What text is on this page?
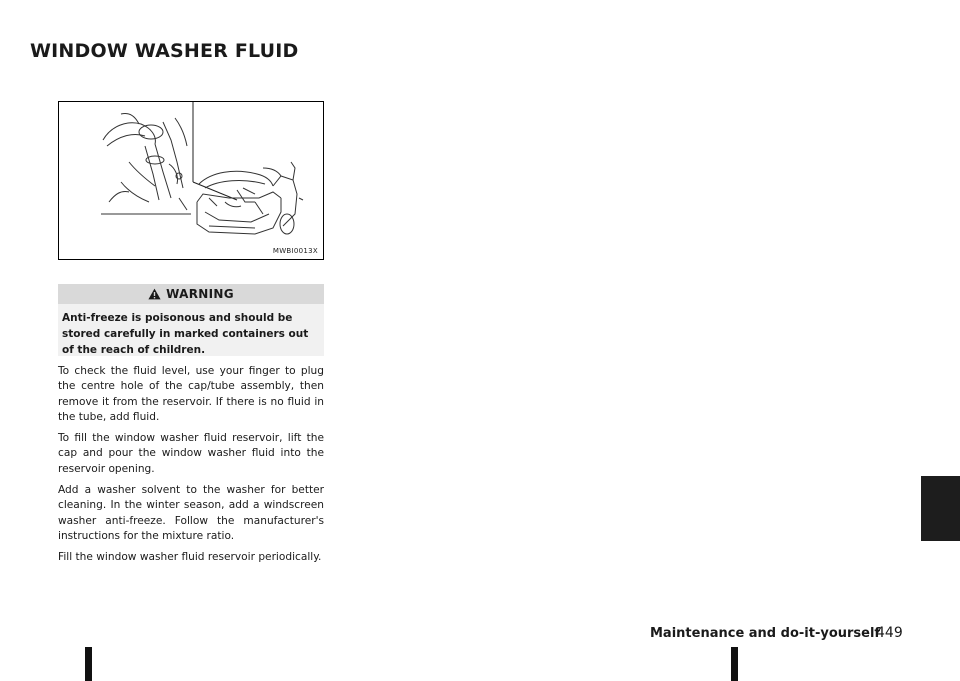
WINDOW WASHER FLUID
MWBI0013X
WARNING

Anti-freeze is poisonous and should be stored carefully in marked containers out of the reach of children.

To check the fluid level, use your finger to plug the centre hole of the cap/tube assembly, then remove it from the reservoir. If there is no fluid in the tube, add fluid.

To fill the window washer fluid reservoir, lift the cap and pour the window washer fluid into the reservoir opening.

Add a washer solvent to the washer for better cleaning. In the winter season, add a windscreen washer anti-freeze. Follow the manufacturer's instructions for the mixture ratio.

Fill the window washer fluid reservoir periodically.

Maintenance and do-it-yourself
449
